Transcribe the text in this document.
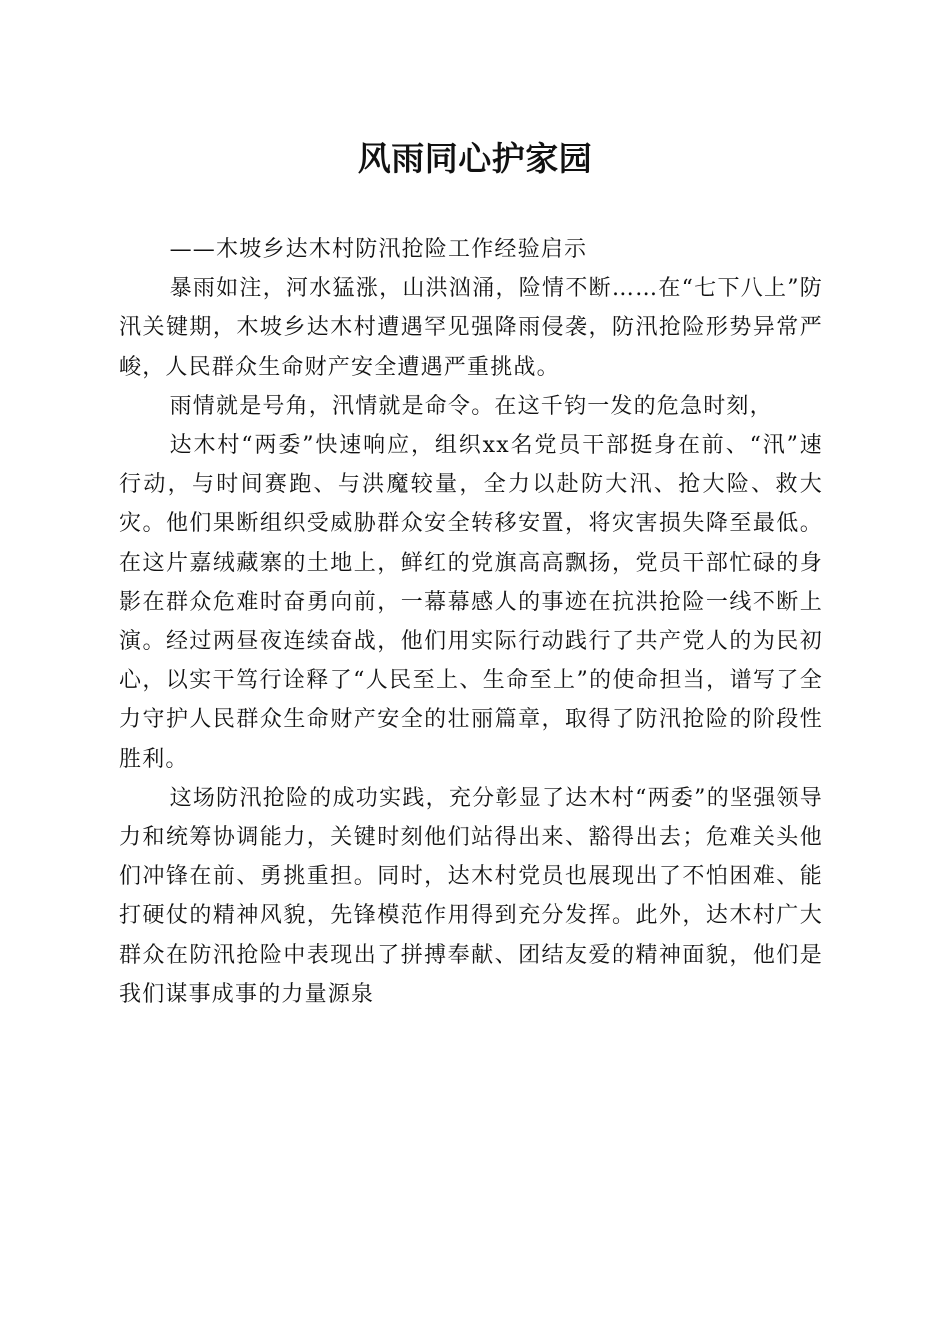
风雨同心护家园

——木坡乡达木村防汛抢险工作经验启示

暴雨如注，河水猛涨，山洪汹涌，险情不断……在“七下八上”防汛关键期，木坡乡达木村遭遇罕见强降雨侵袭，防汛抢险形势异常严峻，人民群众生命财产安全遭遇严重挑战。

雨情就是号角，汛情就是命令。在这千钧一发的危急时刻，

达木村“两委”快速响应，组织xx名党员干部挺身在前、“汛”速行动，与时间赛跑、与洪魔较量，全力以赴防大汛、抢大险、救大灾。他们果断组织受威胁群众安全转移安置，将灾害损失降至最低。在这片嘉绒藏寨的土地上，鲜红的党旗高高飘扬，党员干部忙碌的身影在群众危难时奋勇向前，一幕幕感人的事迹在抗洪抢险一线不断上演。经过两昼夜连续奋战，他们用实际行动践行了共产党人的为民初心，以实干笃行诠释了“人民至上、生命至上”的使命担当，谱写了全力守护人民群众生命财产安全的壮丽篇章，取得了防汛抢险的阶段性胜利。

这场防汛抢险的成功实践，充分彰显了达木村“两委”的坚强领导力和统筹协调能力，关键时刻他们站得出来、豁得出去；危难关头他们冲锋在前、勇挑重担。同时，达木村党员也展现出了不怕困难、能打硬仗的精神风貌，先锋模范作用得到充分发挥。此外，达木村广大群众在防汛抢险中表现出了拼搏奉献、团结友爱的精神面貌，他们是我们谋事成事的力量源泉
